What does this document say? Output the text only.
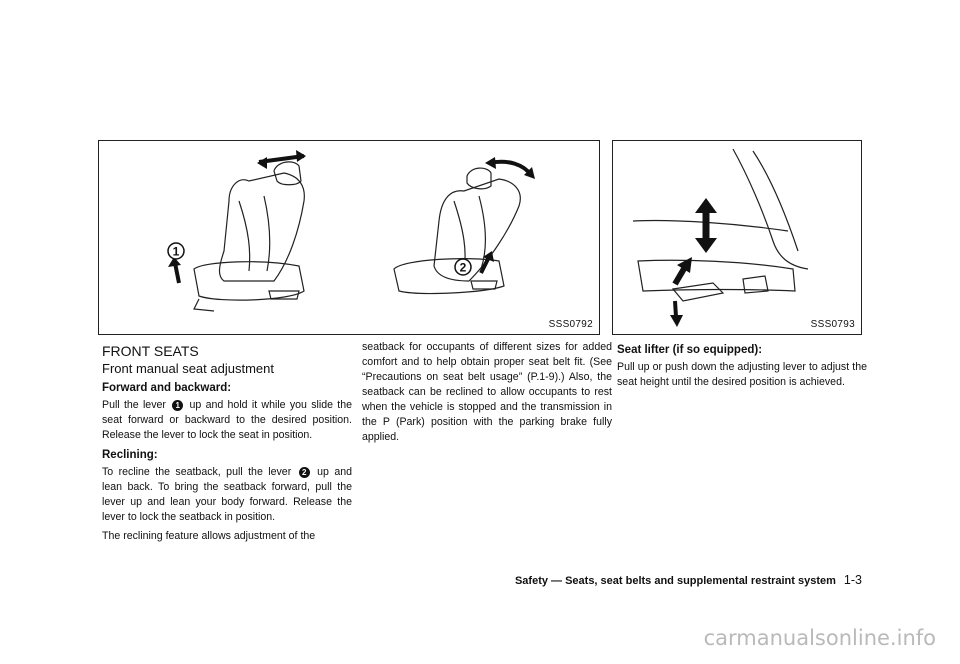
1
2
SSS0792	SSS0793
FRONT SEATS
Front manual seat adjustment
Forward and backward:

Pull the lever 1 up and hold it while you slide the seat forward or backward to the desired position. Release the lever to lock the seat in position.

Reclining:

To recline the seatback, pull the lever 2 up and lean back. To bring the seatback forward, pull the lever up and lean your body forward. Release the lever to lock the seatback in position.

The reclining feature allows adjustment of the

seatback for occupants of different sizes for added comfort and to help obtain proper seat belt fit. (See “Precautions on seat belt usage” (P.1-9).) Also, the seatback can be reclined to allow occupants to rest when the vehicle is stopped and the transmission in the P (Park) position with the parking brake fully applied.

Seat lifter (if so equipped):

Pull up or push down the adjusting lever to adjust the seat height until the desired position is achieved.

Safety — Seats, seat belts and supplemental restraint system 1-3
carmanualsonline.info
